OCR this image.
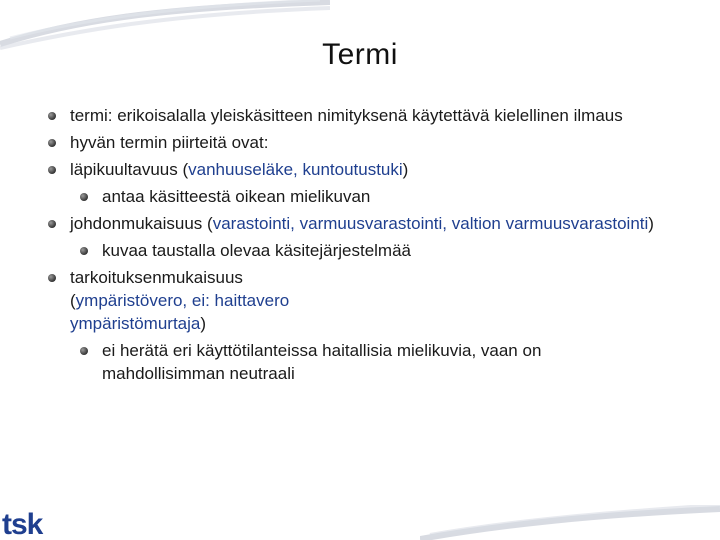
Termi
termi: erikoisalalla yleiskäsitteen nimityksenä käytettävä kielellinen ilmaus
hyvän termin piirteitä ovat:
läpikuultavuus (vanhuuseläke, kuntoutustuki)
antaa käsitteestä oikean mielikuvan
johdonmukaisuus (varastointi, varmuusvarastointi, valtion varmuusvarastointi)
kuvaa taustalla olevaa käsitejärjestelmää
tarkoituksenmukaisuus (ympäristövero, ei: haittavero ympäristömurtaja)
ei herätä eri käyttötilanteissa haitallisia mielikuvia, vaan on mahdollisimman neutraali
tsk
